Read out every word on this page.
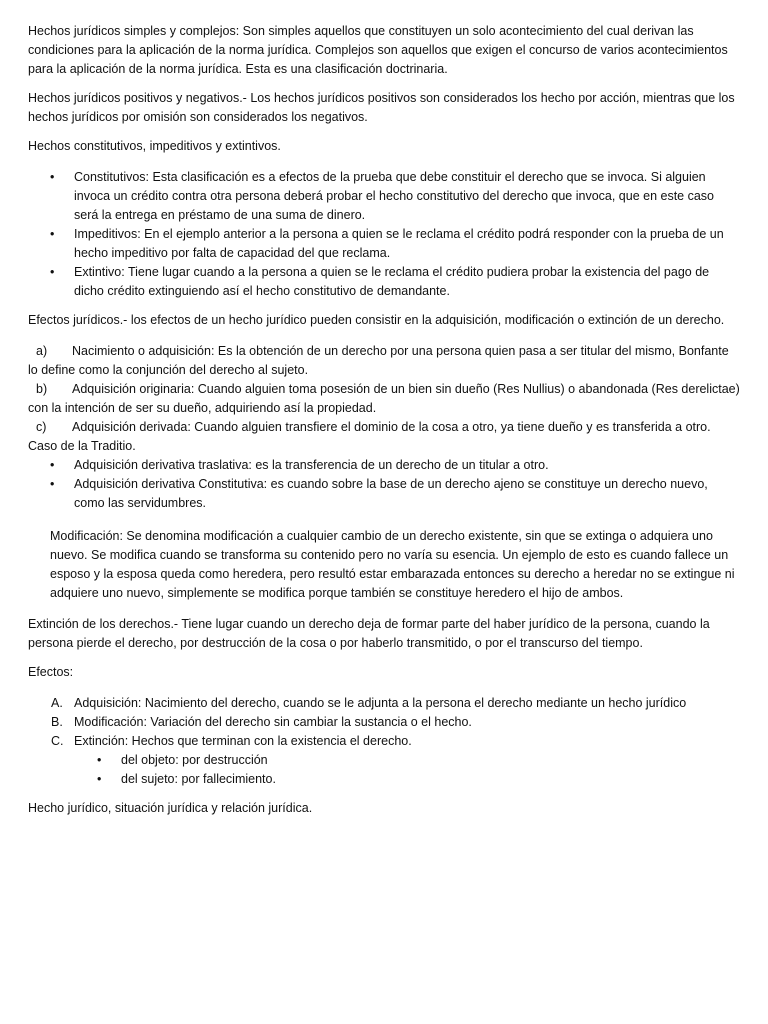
Hechos jurídicos simples y complejos: Son simples aquellos que constituyen un solo acontecimiento del cual derivan las condiciones para la aplicación de la norma jurídica. Complejos son aquellos que exigen el concurso de varios acontecimientos para la aplicación de la norma jurídica. Esta es una clasificación doctrinaria.

Hechos jurídicos positivos y negativos.- Los hechos jurídicos positivos son considerados los hecho por acción, mientras que los hechos jurídicos por omisión son considerados los negativos.

Hechos constitutivos, impeditivos y extintivos.

•	Constitutivos: Esta clasificación es a efectos de la prueba que debe constituir el derecho que se invoca. Si alguien invoca un crédito contra otra persona deberá probar el hecho constitutivo del derecho que invoca, que en este caso será la entrega en préstamo de una suma de dinero.
•	Impeditivos: En el ejemplo anterior a la persona a quien se le reclama el crédito podrá responder con la prueba de un hecho impeditivo por falta de capacidad del que reclama.
•	Extintivo: Tiene lugar cuando a la persona a quien se le reclama el crédito pudiera probar la existencia del pago de dicho crédito extinguiendo así el hecho constitutivo de demandante.

Efectos jurídicos.- los efectos de un hecho jurídico pueden consistir en la adquisición, modificación o extinción de un derecho.

a) Nacimiento o adquisición: Es la obtención de un derecho por una persona quien pasa a ser titular del mismo, Bonfante lo define como la conjunción del derecho al sujeto.
b) Adquisición originaria: Cuando alguien toma posesión de un bien sin dueño (Res Nullius) o abandonada (Res derelictae) con la intención de ser su dueño, adquiriendo así la propiedad.
c) Adquisición derivada: Cuando alguien transfiere el dominio de la cosa a otro, ya tiene dueño y es transferida a otro. Caso de la Traditio.
•	Adquisición derivativa traslativa: es la transferencia de un derecho de un titular a otro.
•	Adquisición derivativa Constitutiva: es cuando sobre la base de un derecho ajeno se constituye un derecho nuevo, como las servidumbres.

Modificación: Se denomina modificación a cualquier cambio de un derecho existente, sin que se extinga o adquiera uno nuevo. Se modifica cuando se transforma su contenido pero no varía su esencia. Un ejemplo de esto es cuando fallece un esposo y la esposa queda como heredera, pero resultó estar embarazada entonces su derecho a heredar no se extingue ni adquiere uno nuevo, simplemente se modifica porque también se constituye heredero el hijo de ambos.

Extinción de los derechos.- Tiene lugar cuando un derecho deja de formar parte del haber jurídico de la persona, cuando la persona pierde el derecho, por destrucción de la cosa o por haberlo transmitido, o por el transcurso del tiempo.

Efectos:

A. Adquisición: Nacimiento del derecho, cuando se le adjunta a la persona el derecho mediante un hecho jurídico
B. Modificación: Variación del derecho sin cambiar la sustancia o el hecho.
C. Extinción: Hechos que terminan con la existencia el derecho.
•	del objeto: por destrucción
•	del sujeto: por fallecimiento.

Hecho jurídico, situación jurídica y relación jurídica.
